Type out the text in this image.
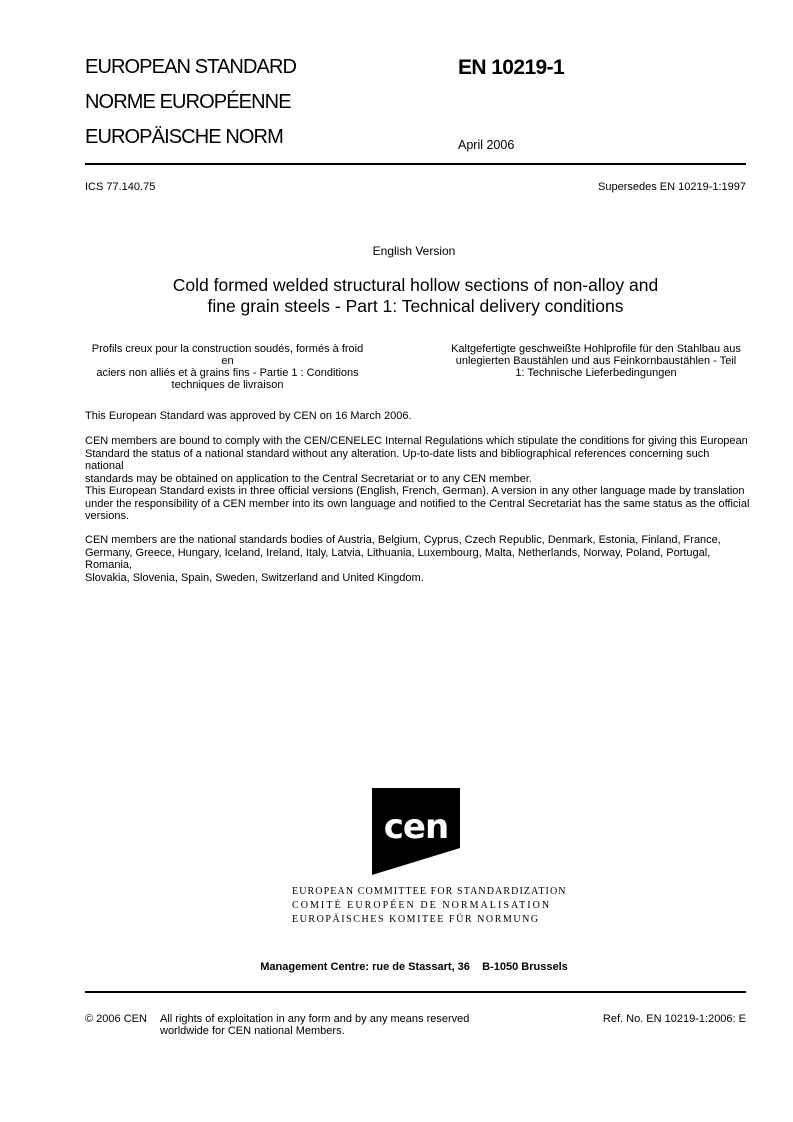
EUROPEAN STANDARD
NORME EUROPÉENNE
EUROPÄISCHE NORM
EN 10219-1
April 2006
ICS 77.140.75	Supersedes EN 10219-1:1997
English Version
Cold formed welded structural hollow sections of non-alloy and
fine grain steels - Part 1: Technical delivery conditions
Profils creux pour la construction soudés, formés à froid en
aciers non alliés et à grains fins - Partie 1 : Conditions
techniques de livraison
Kaltgefertigte geschweißte Hohlprofile für den Stahlbau aus
unlegierten Baustählen und aus Feinkornbaustählen - Teil
1: Technische Lieferbedingungen
This European Standard was approved by CEN on 16 March 2006.
CEN members are bound to comply with the CEN/CENELEC Internal Regulations which stipulate the conditions for giving this European
Standard the status of a national standard without any alteration. Up-to-date lists and bibliographical references concerning such national
standards may be obtained on application to the Central Secretariat or to any CEN member.
This European Standard exists in three official versions (English, French, German). A version in any other language made by translation
under the responsibility of a CEN member into its own language and notified to the Central Secretariat has the same status as the official
versions.
CEN members are the national standards bodies of Austria, Belgium, Cyprus, Czech Republic, Denmark, Estonia, Finland, France,
Germany, Greece, Hungary, Iceland, Ireland, Italy, Latvia, Lithuania, Luxembourg, Malta, Netherlands, Norway, Poland, Portugal, Romania,
Slovakia, Slovenia, Spain, Sweden, Switzerland and United Kingdom.
cen
EUROPEAN COMMITTEE FOR STANDARDIZATION
COMITÉ EUROPÉEN DE NORMALISATION
EUROPÄISCHES KOMITEE FÜR NORMUNG
Management Centre: rue de Stassart, 36    B-1050 Brussels
© 2006 CEN All rights of exploitation in any form and by any means reserved
worldwide for CEN national Members.
Ref. No. EN 10219-1:2006: E
